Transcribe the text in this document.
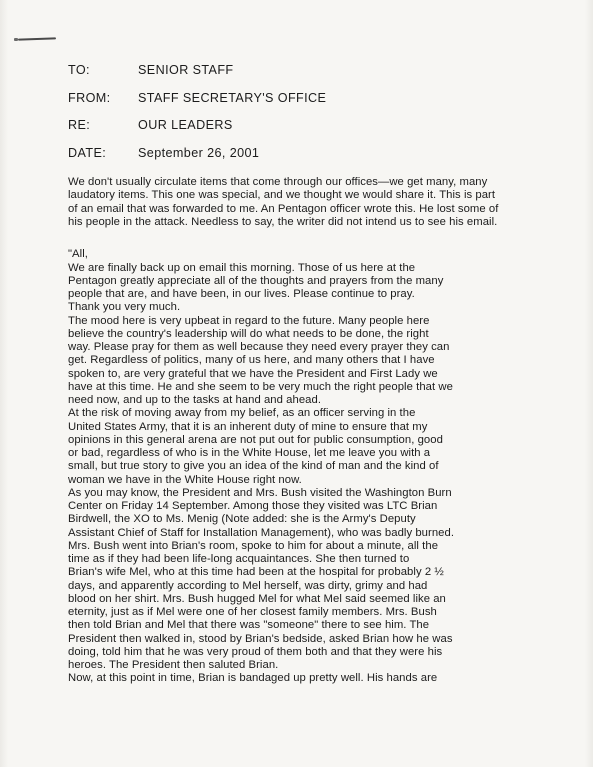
TO:	SENIOR STAFF
FROM:	STAFF SECRETARY'S OFFICE
RE:	OUR LEADERS
DATE:	September 26, 2001
We don't usually circulate items that come through our offices—we get many, many
laudatory items. This one was special, and we thought we would share it. This is part
of an email that was forwarded to me. An Pentagon officer wrote this. He lost some of
his people in the attack. Needless to say, the writer did not intend us to see his email.
"All,
We are finally back up on email this morning. Those of us here at the
Pentagon greatly appreciate all of the thoughts and prayers from the many
people that are, and have been, in our lives. Please continue to pray.
Thank you very much.
The mood here is very upbeat in regard to the future. Many people here
believe the country's leadership will do what needs to be done, the right
way. Please pray for them as well because they need every prayer they can
get. Regardless of politics, many of us here, and many others that I have
spoken to, are very grateful that we have the President and First Lady we
have at this time. He and she seem to be very much the right people that we
need now, and up to the tasks at hand and ahead.
At the risk of moving away from my belief, as an officer serving in the
United States Army, that it is an inherent duty of mine to ensure that my
opinions in this general arena are not put out for public consumption, good
or bad, regardless of who is in the White House, let me leave you with a
small, but true story to give you an idea of the kind of man and the kind of
woman we have in the White House right now.
As you may know, the President and Mrs. Bush visited the Washington Burn
Center on Friday 14 September. Among those they visited was LTC Brian
Birdwell, the XO to Ms. Menig (Note added: she is the Army's Deputy
Assistant Chief of Staff for Installation Management), who was badly burned.
Mrs. Bush went into Brian's room, spoke to him for about a minute, all the
time as if they had been life-long acquaintances. She then turned to
Brian's wife Mel, who at this time had been at the hospital for probably 2 ½
days, and apparently according to Mel herself, was dirty, grimy and had
blood on her shirt. Mrs. Bush hugged Mel for what Mel said seemed like an
eternity, just as if Mel were one of her closest family members. Mrs. Bush
then told Brian and Mel that there was "someone" there to see him. The
President then walked in, stood by Brian's bedside, asked Brian how he was
doing, told him that he was very proud of them both and that they were his
heroes. The President then saluted Brian.
Now, at this point in time, Brian is bandaged up pretty well. His hands are
